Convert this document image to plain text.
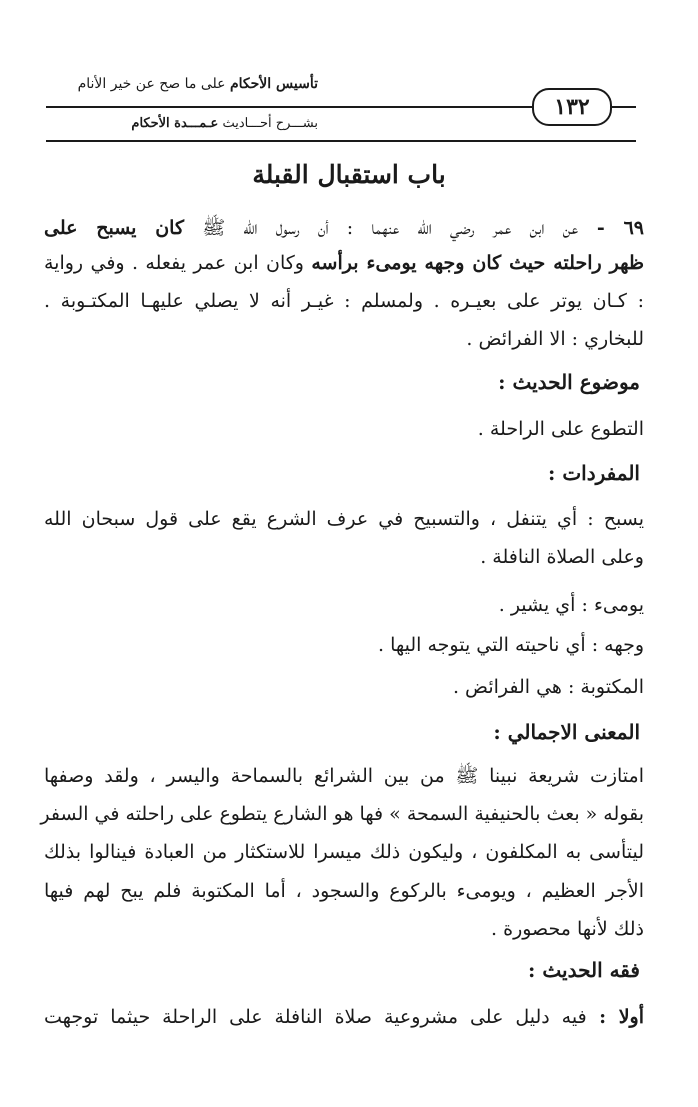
تأسيس الأحكام على ما صح عن خير الأنام
١٣٢
بشـــرح أحـــاديث عـمـــدة الأحكام
باب استقبال القبلة
٦٩ - عن ابن عمر رضي الله عنهما : أن رسول الله ﷺ كان يسبح على
ظهر راحلته حيث كان وجهه يومىء برأسه وكان ابن عمر يفعله . وفي رواية
: كـان يوتر على بعيـره . ولمسلم : غيـر أنه لا يصلي عليهـا المكتـوبة .
للبخاري : الا الفرائض .
موضوع الحديث :
التطوع على الراحلة .
المفردات :
يسبح : أي يتنفل ، والتسبيح في عرف الشرع يقع على قول سبحان الله
وعلى الصلاة النافلة .
يومىء : أي يشير .
وجهه : أي ناحيته التي يتوجه اليها .
المكتوبة : هي الفرائض .
المعنى الاجمالي :
امتازت شريعة نبينا ﷺ من بين الشرائع بالسماحة واليسر ، ولقد وصفها
بقوله « بعث بالحنيفية السمحة » فها هو الشارع يتطوع على راحلته في السفر
ليتأسى به المكلفون ، وليكون ذلك ميسرا للاستكثار من العبادة فينالوا بذلك
الأجر العظيم ، ويومىء بالركوع والسجود ، أما المكتوبة فلم يبح لهم فيها
ذلك لأنها محصورة .
فقه الحديث :
أولا : فيه دليل على مشروعية صلاة النافلة على الراحلة حيثما توجهت
